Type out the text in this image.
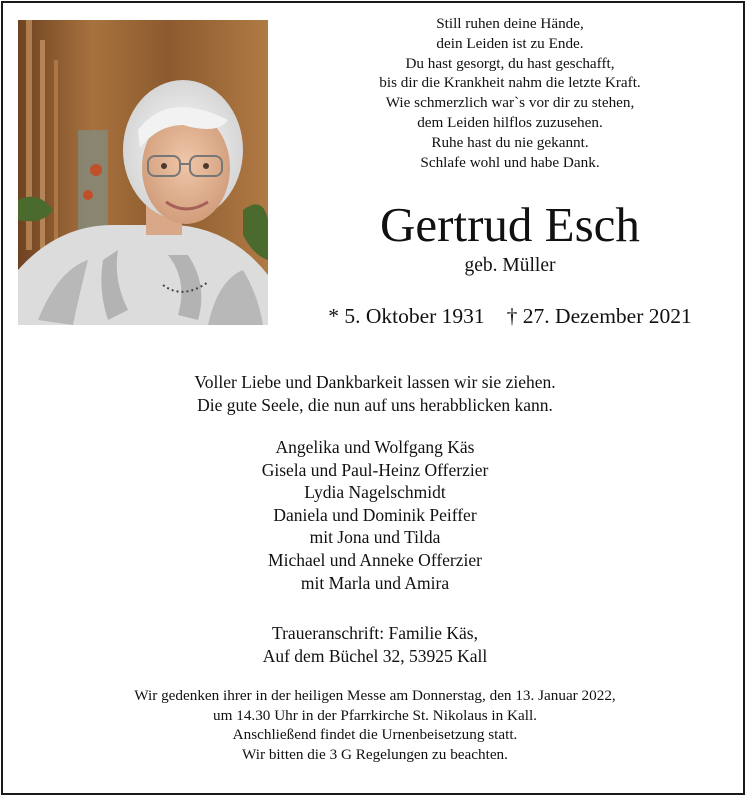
Still ruhen deine Hände,
dein Leiden ist zu Ende.
Du hast gesorgt, du hast geschafft,
bis dir die Krankheit nahm die letzte Kraft.
Wie schmerzlich war`s vor dir zu stehen,
dem Leiden hilflos zuzusehen.
Ruhe hast du nie gekannt.
Schlafe wohl und habe Dank.
Gertrud Esch
geb. Müller
* 5. Oktober 1931 † 27. Dezember 2021
Voller Liebe und Dankbarkeit lassen wir sie ziehen.
Die gute Seele, die nun auf uns herabblicken kann.
Angelika und Wolfgang Käs
Gisela und Paul-Heinz Offerzier
Lydia Nagelschmidt
Daniela und Dominik Peiffer
mit Jona und Tilda
Michael und Anneke Offerzier
mit Marla und Amira
Traueranschrift: Familie Käs,
Auf dem Büchel 32, 53925 Kall
Wir gedenken ihrer in der heiligen Messe am Donnerstag, den 13. Januar 2022,
um 14.30 Uhr in der Pfarrkirche St. Nikolaus in Kall.
Anschließend findet die Urnenbeisetzung statt.
Wir bitten die 3 G Regelungen zu beachten.
